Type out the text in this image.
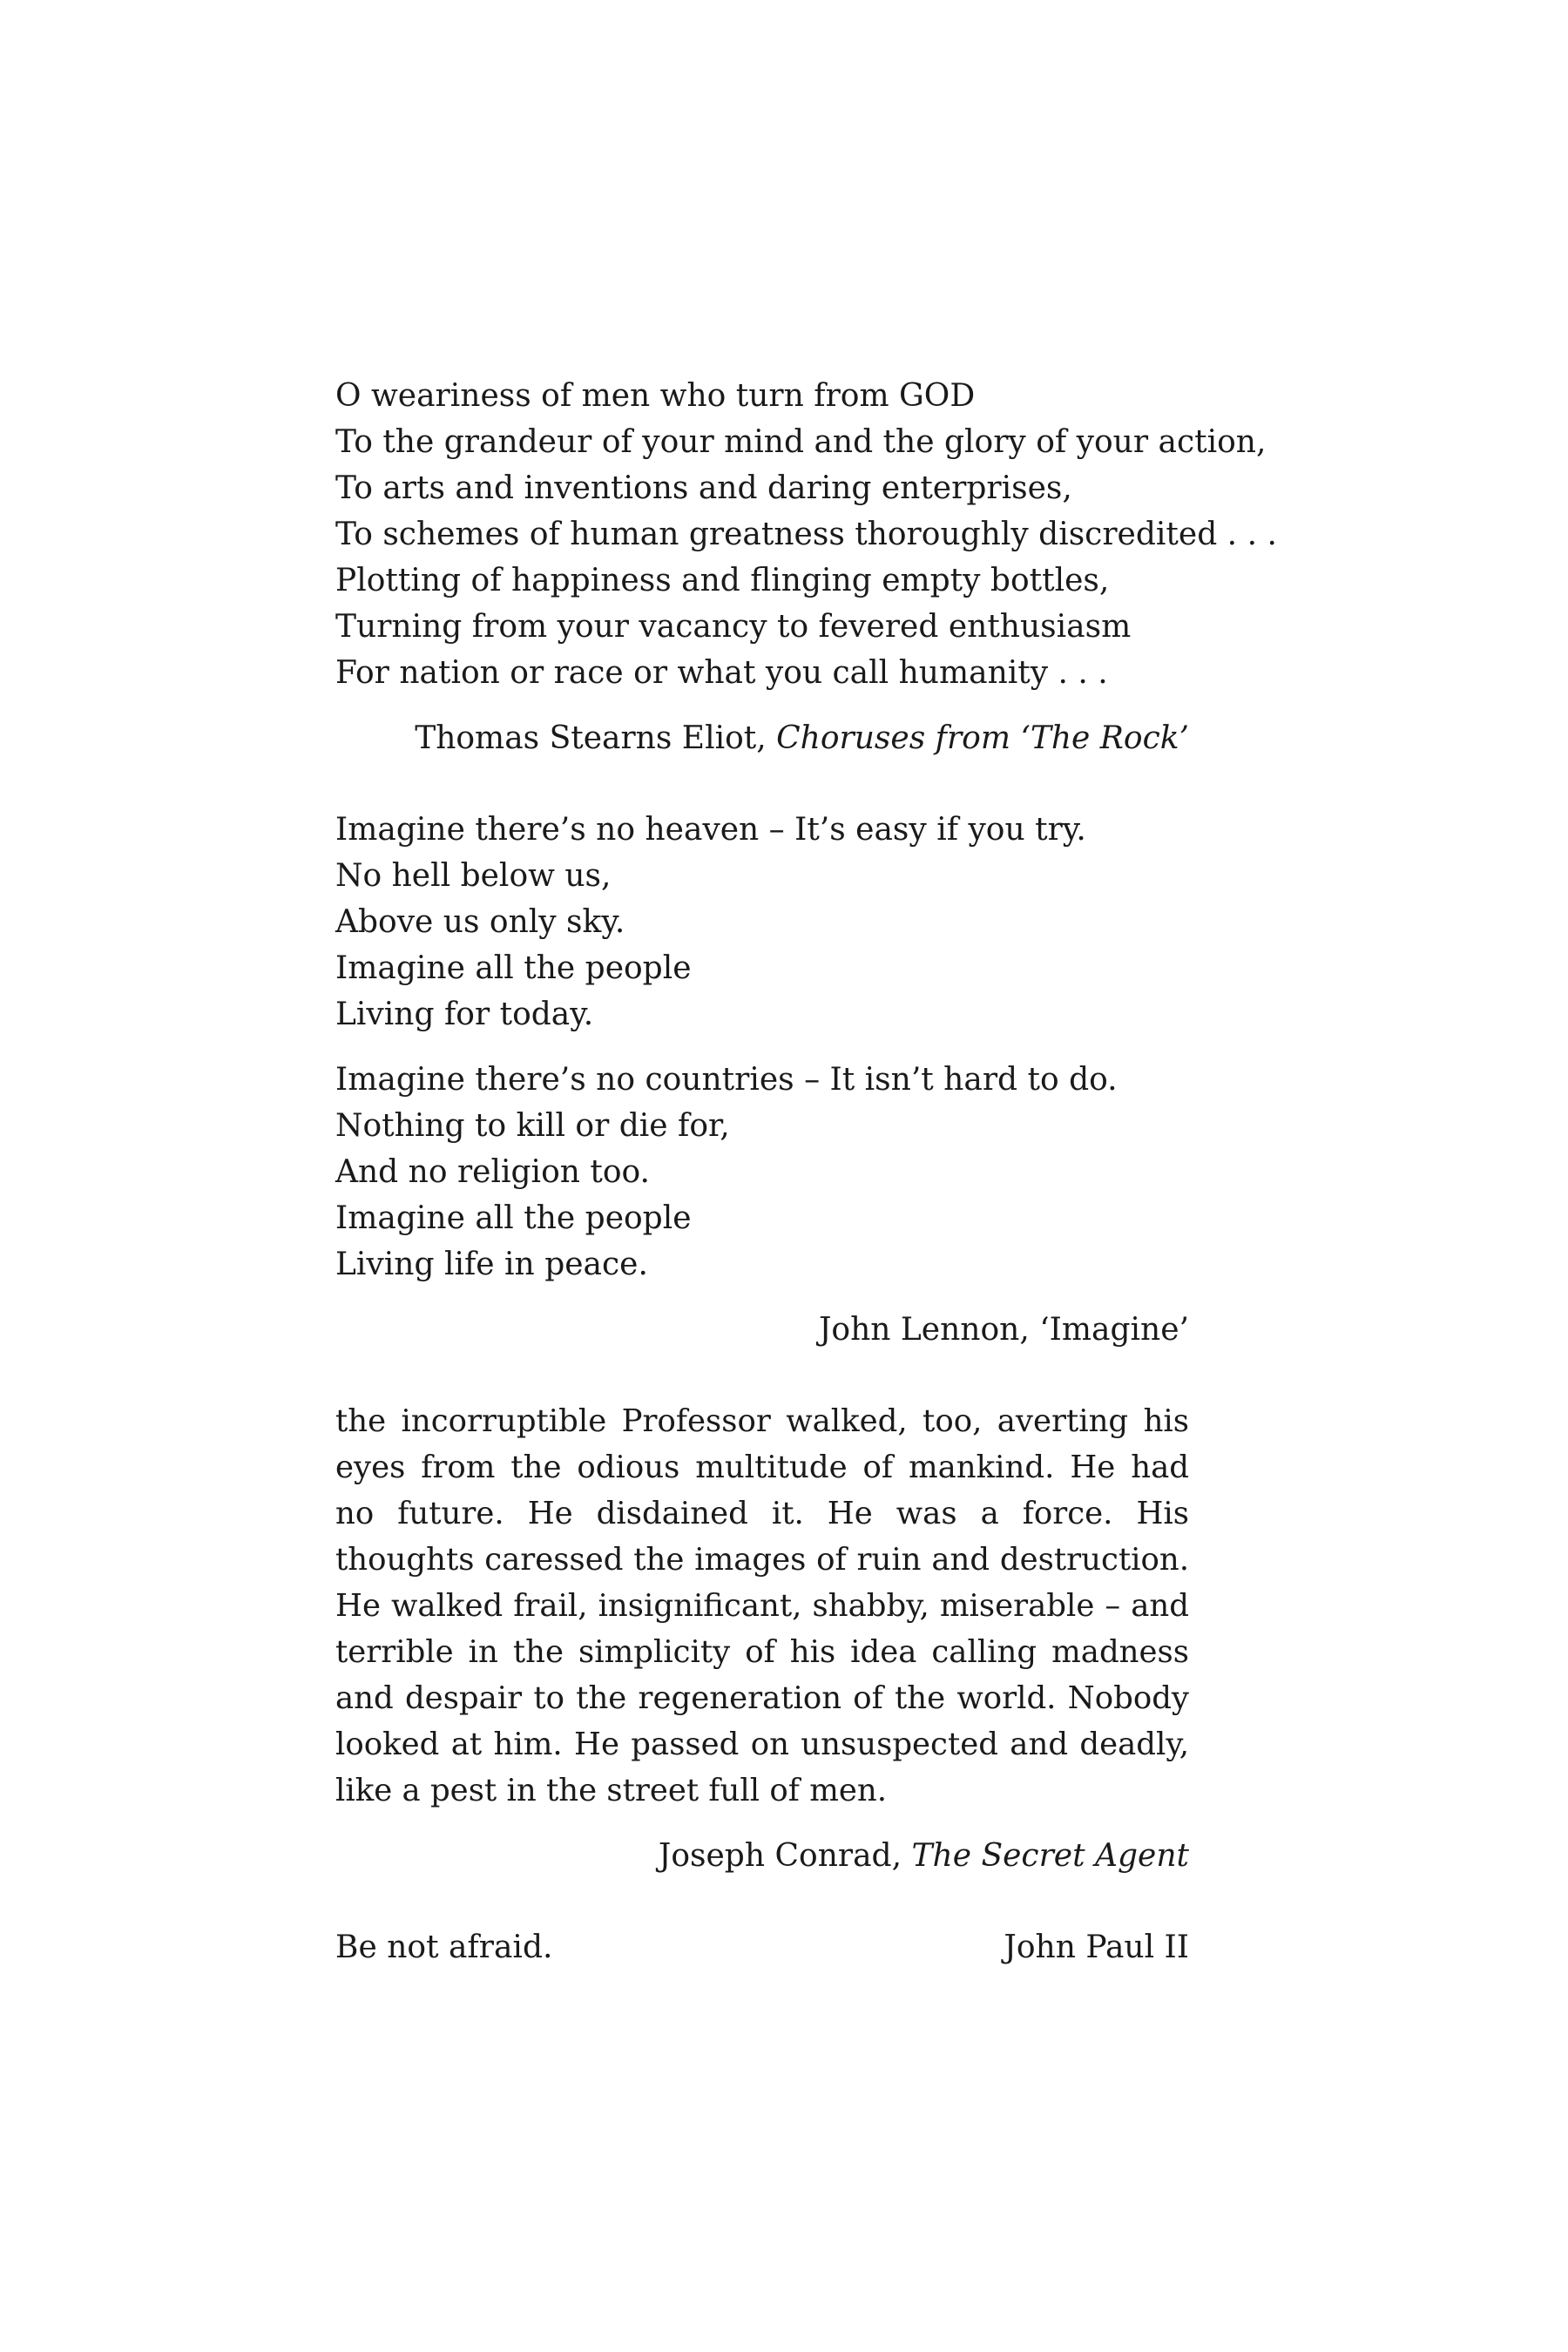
O weariness of men who turn from GOD
To the grandeur of your mind and the glory of your action,
To arts and inventions and daring enterprises,
To schemes of human greatness thoroughly discredited . . .
Plotting of happiness and flinging empty bottles,
Turning from your vacancy to fevered enthusiasm
For nation or race or what you call humanity . . .
Thomas Stearns Eliot, Choruses from ‘The Rock’
Imagine there’s no heaven – It’s easy if you try.
No hell below us,
Above us only sky.
Imagine all the people
Living for today.
Imagine there’s no countries – It isn’t hard to do.
Nothing to kill or die for,
And no religion too.
Imagine all the people
Living life in peace.
John Lennon, ‘Imagine’

the incorruptible Professor walked, too, averting his eyes from the odious multitude of mankind. He had no future. He disdained it. He was a force. His thoughts caressed the images of ruin and destruction. He walked frail, insignificant, shabby, miserable – and terrible in the simplicity of his idea calling madness and despair to the regeneration of the world. Nobody looked at him. He passed on unsuspected and deadly, like a pest in the street full of men.

Joseph Conrad, The Secret Agent
Be not afraid.	John Paul II
